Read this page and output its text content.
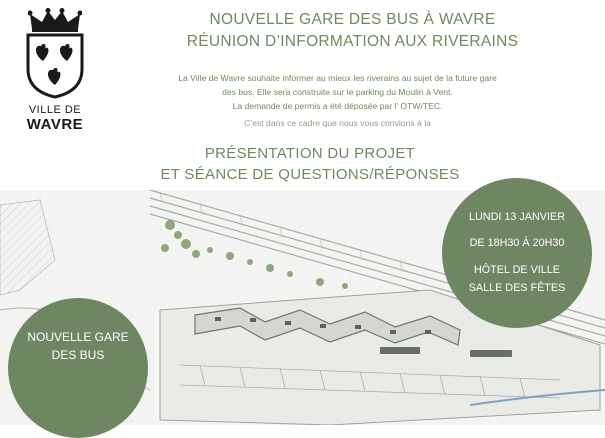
VILLE DE
WAVRE
NOUVELLE GARE DES BUS À WAVRE
RÉUNION D’INFORMATION AUX RIVERAINS
La Ville de Wavre souhaite informer au mieux les riverains au sujet de la future gare
des bus. Elle sera construite sur le parking du Moulin à Vent.
La demande de permis a été déposée par l’ OTW/TEC.
C’est dans ce cadre que nous vous convions à la
PRÉSENTATION DU PROJET
ET SÉANCE DE QUESTIONS/RÉPONSES
LUNDI 13 JANVIER
DE 18H30 À 20H30
HÔTEL DE VILLE
SALLE DES FÊTES
NOUVELLE GARE
DES BUS
